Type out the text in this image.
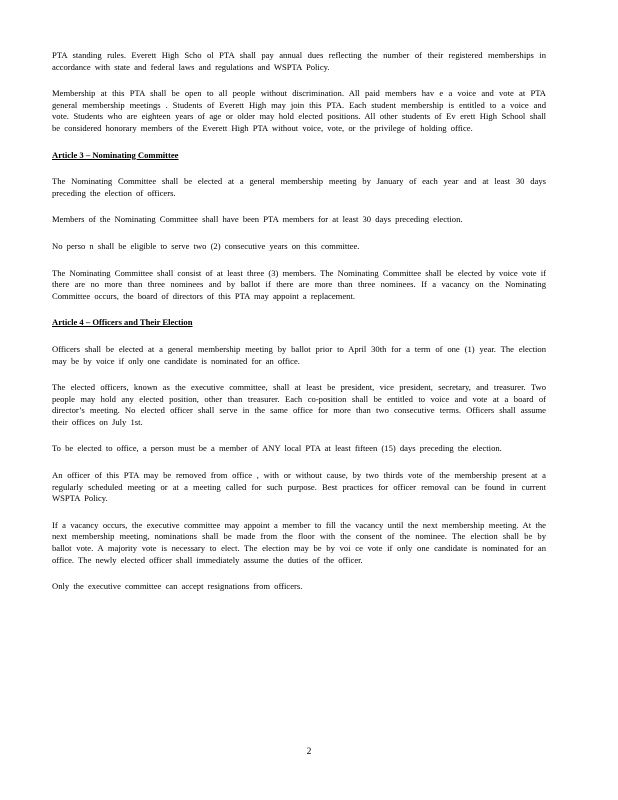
PTA standing rules. Everett High Scho ol PTA shall pay annual dues reflecting the number of their registered memberships in accordance with state and federal laws and regulations and WSPTA Policy.

Membership at this PTA shall be open to all people without discrimination. All paid members hav e a voice and vote at PTA general membership meetings . Students of Everett High may join this PTA. Each student membership is entitled to a voice and vote. Students who are eighteen years of age or older may hold elected positions. All other students of Ev erett High School shall be considered honorary members of the Everett High PTA without voice, vote, or the privilege of holding office.

Article 3 – Nominating Committee

The Nominating Committee shall be elected at a general membership meeting by January of each year and at least 30 days preceding the election of officers.

Members of the Nominating Committee shall have been PTA members for at least 30 days preceding election.

No perso n shall be eligible to serve two (2) consecutive years on this committee.

The Nominating Committee shall consist of at least three (3) members. The Nominating Committee shall be elected by voice vote if there are no more than three nominees and by ballot if there are more than three nominees. If a vacancy on the Nominating Committee occurs, the board of directors of this PTA may appoint a replacement.

Article 4 – Officers and Their Election

Officers shall be elected at a general membership meeting by ballot prior to April 30th for a term of one (1) year. The election may be by voice if only one candidate is nominated for an office.

The elected officers, known as the executive committee, shall at least be president, vice president, secretary, and treasurer. Two people may hold any elected position, other than treasurer. Each co-position shall be entitled to voice and vote at a board of director’s meeting. No elected officer shall serve in the same office for more than two consecutive terms. Officers shall assume their offices on July 1st.

To be elected to office, a person must be a member of ANY local PTA at least fifteen (15) days preceding the election.

An officer of this PTA may be removed from office , with or without cause, by two thirds vote of the membership present at a regularly scheduled meeting or at a meeting called for such purpose. Best practices for officer removal can be found in current WSPTA Policy.

If a vacancy occurs, the executive committee may appoint a member to fill the vacancy until the next membership meeting. At the next membership meeting, nominations shall be made from the floor with the consent of the nominee. The election shall be by ballot vote. A majority vote is necessary to elect. The election may be by voi ce vote if only one candidate is nominated for an office. The newly elected officer shall immediately assume the duties of the officer.

Only the executive committee can accept resignations from officers.

2
